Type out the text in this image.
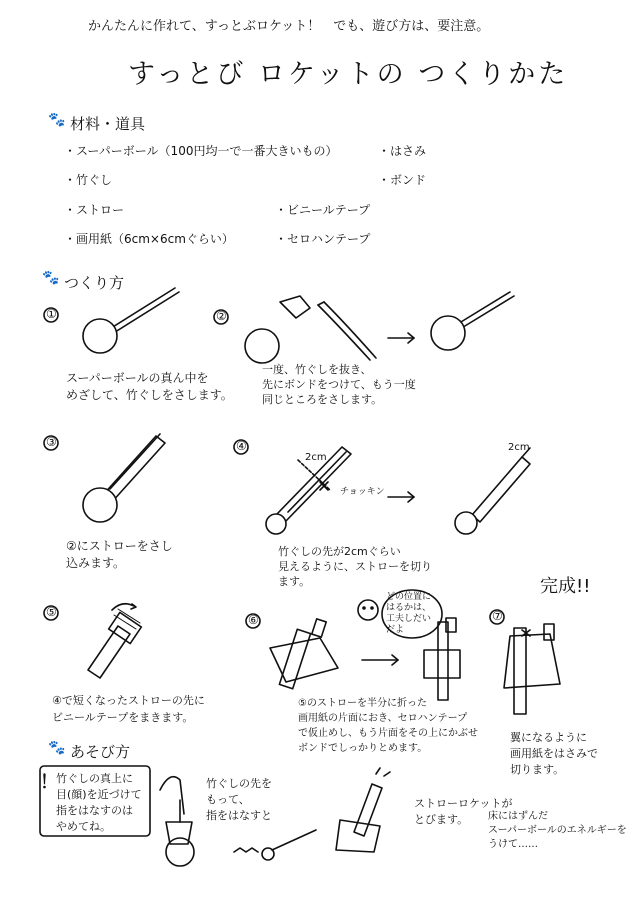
かんたんに作れて、すっとぶロケット！　でも、遊び方は、要注意。
すっとび ロケットの つくりかた
🐾 材料・道具
・スーパーボール（100円均一で一番大きいもの）	・はさみ
・竹ぐし	・ボンド
・ストロー	・ビニールテープ
・画用紙（6cm×6cmぐらい）	・セロハンテープ
🐾 つくり方
①
スーパーボールの真ん中を
めざして、竹ぐしをさします。
②
一度、竹ぐしを抜き、
先にボンドをつけて、もう一度
同じところをさします。
③
②にストローをさし
込みます。
④
竹ぐしの先が2cmぐらい
見えるように、ストローを切り
ます。
⑤
④で短くなったストローの先に
ビニールテープをまきます。
⑥
⑤のストローを半分に折った
画用紙の片面におき、セロハンテープ
で仮止めし、もう片面をその上にかぶせ
ボンドでしっかりとめます。
⑦
翼になるように
画用紙をはさみで
切ります。
2cm
2cm
チョッキン
どの位置に
はるかは、
工夫しだい
だよ
完成!!
🐾 あそび方
！
竹ぐしの真上に
目(顔)を近づけて
指をはなすのは
やめてね。
竹ぐしの先を
もって、
指をはなすと
ストローロケットが
とびます。	床にはずんだ
スーパーボールのエネルギーを
うけて……
